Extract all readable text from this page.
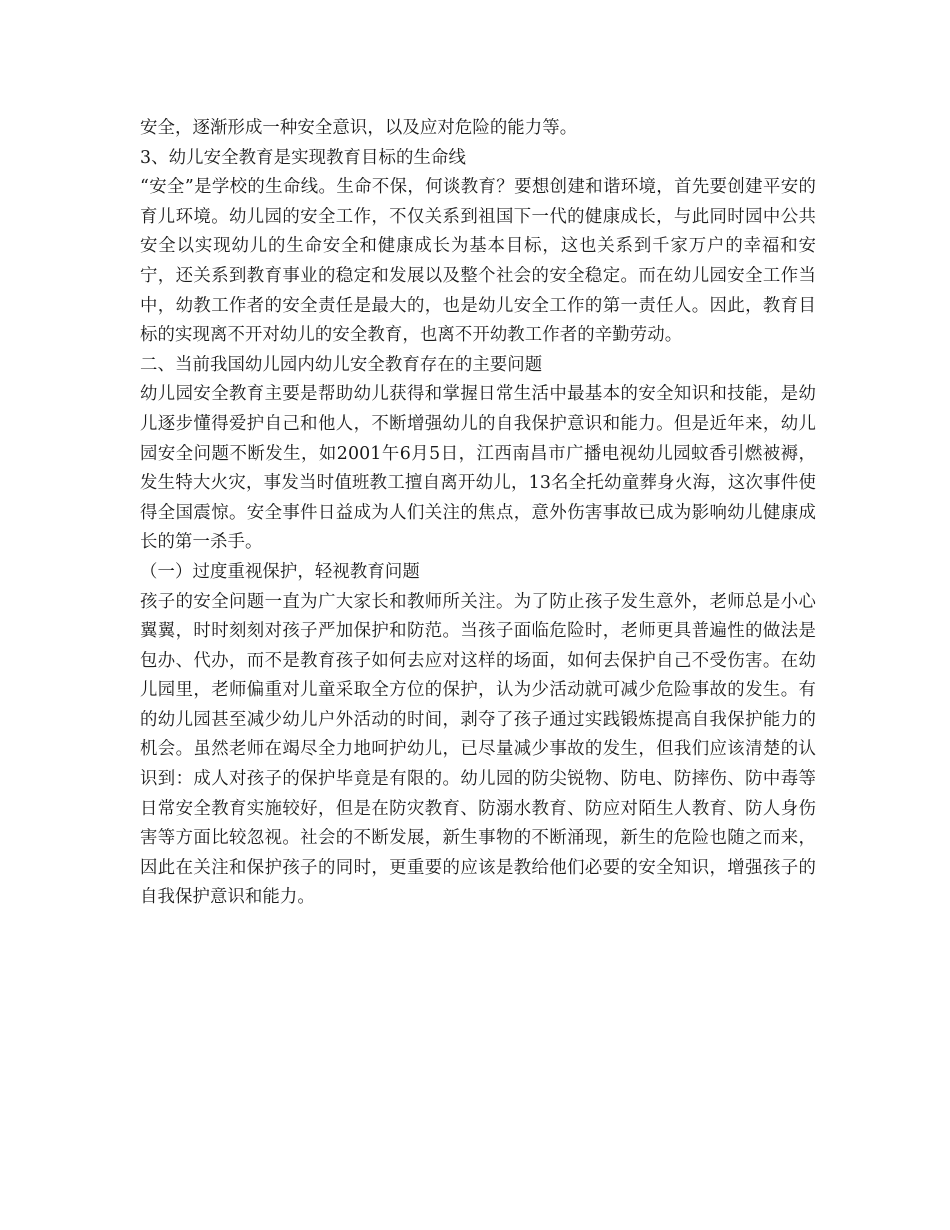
安全，逐渐形成一种安全意识，以及应对危险的能力等。

3、幼儿安全教育是实现教育目标的生命线

“安全”是学校的生命线。生命不保，何谈教育？要想创建和谐环境，首先要创建平安的育儿环境。幼儿园的安全工作，不仅关系到祖国下一代的健康成长，与此同时园中公共安全以实现幼儿的生命安全和健康成长为基本目标，这也关系到千家万户的幸福和安宁，还关系到教育事业的稳定和发展以及整个社会的安全稳定。而在幼儿园安全工作当中，幼教工作者的安全责任是最大的，也是幼儿安全工作的第一责任人。因此，教育目标的实现离不开对幼儿的安全教育，也离不开幼教工作者的辛勤劳动。

二、当前我国幼儿园内幼儿安全教育存在的主要问题

幼儿园安全教育主要是帮助幼儿获得和掌握日常生活中最基本的安全知识和技能，是幼儿逐步懂得爱护自己和他人，不断增强幼儿的自我保护意识和能力。但是近年来，幼儿园安全问题不断发生，如2001午6月5日，江西南昌市广播电视幼儿园蚊香引燃被褥，发生特大火灾，事发当时值班教工擅自离开幼儿，13名全托幼童葬身火海，这次事件使得全国震惊。安全事件日益成为人们关注的焦点，意外伤害事故已成为影响幼儿健康成长的第一杀手。

（一）过度重视保护，轻视教育问题

孩子的安全问题一直为广大家长和教师所关注。为了防止孩子发生意外，老师总是小心翼翼，时时刻刻对孩子严加保护和防范。当孩子面临危险时，老师更具普遍性的做法是包办、代办，而不是教育孩子如何去应对这样的场面，如何去保护自己不受伤害。在幼儿园里，老师偏重对儿童采取全方位的保护，认为少活动就可减少危险事故的发生。有的幼儿园甚至减少幼儿户外活动的时间，剥夺了孩子通过实践锻炼提高自我保护能力的机会。虽然老师在竭尽全力地呵护幼儿，已尽量减少事故的发生，但我们应该清楚的认识到：成人对孩子的保护毕竟是有限的。幼儿园的防尖锐物、防电、防摔伤、防中毒等日常安全教育实施较好，但是在防灾教育、防溺水教育、防应对陌生人教育、防人身伤害等方面比较忽视。社会的不断发展，新生事物的不断涌现，新生的危险也随之而来，因此在关注和保护孩子的同时，更重要的应该是教给他们必要的安全知识，增强孩子的自我保护意识和能力。
